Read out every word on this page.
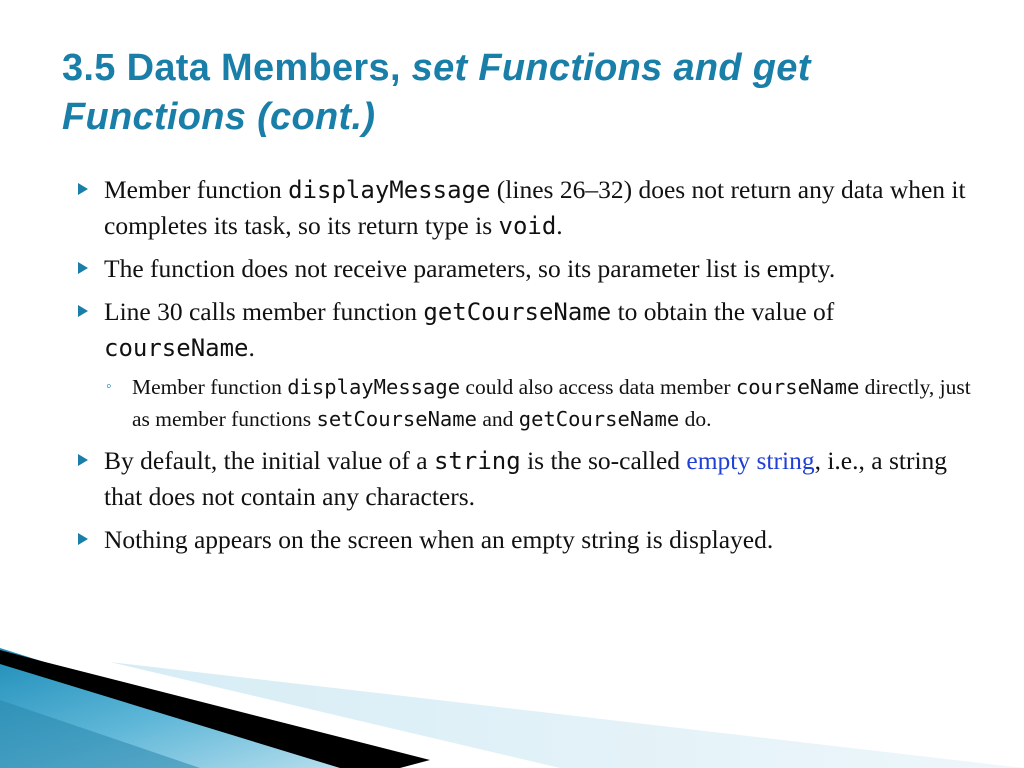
3.5 Data Members, set Functions and get Functions (cont.)
Member function displayMessage (lines 26–32) does not return any data when it completes its task, so its return type is void.
The function does not receive parameters, so its parameter list is empty.
Line 30 calls member function getCourseName to obtain the value of courseName.
◦ Member function displayMessage could also access data member courseName directly, just as member functions setCourseName and getCourseName do.
By default, the initial value of a string is the so-called empty string, i.e., a string that does not contain any characters.
Nothing appears on the screen when an empty string is displayed.
